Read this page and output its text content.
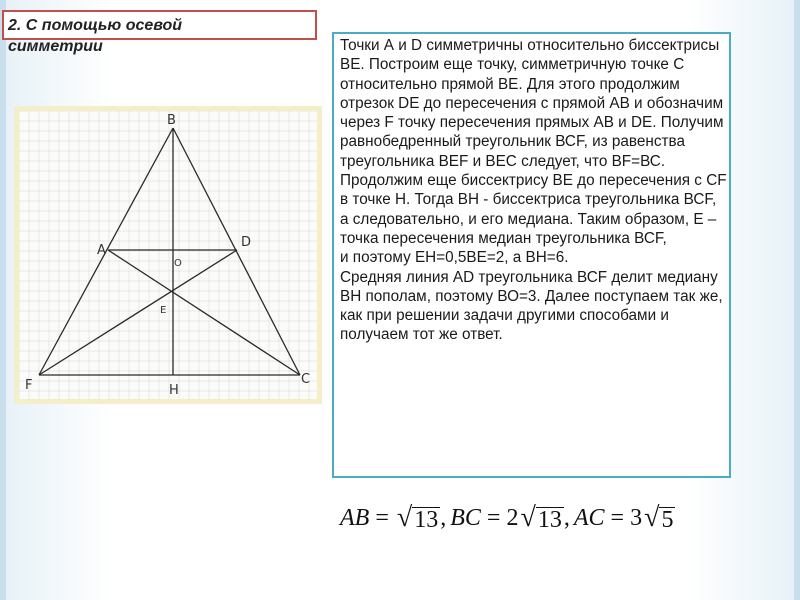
2. С помощью осевой
симметрии
B
A
D
O
E
F	H
C
Точки А и D симметричны относительно биссектрисы ВЕ. Построим еще точку, симметричную точке С относительно прямой ВЕ. Для этого продолжим отрезок DЕ до пересечения с прямой АВ и обозначим через F точку пересечения прямых АВ и DЕ. Получим равнобедренный треугольник ВСF, из равенства треугольника ВЕF и ВЕС следует, что ВF=ВС. Продолжим еще биссектрису ВЕ до пересечения с СF в точке Н. Тогда ВН - биссектриса треугольника ВСF, а следовательно, и его медиана. Таким образом, Е – точка пересечения медиан треугольника ВСF,
и поэтому ЕН=0,5ВЕ=2, а ВН=6.
Средняя линия AD треугольника ВСF делит медиану ВН пополам, поэтому ВО=3. Далее поступаем так же, как при решении задачи другими способами и получаем тот же ответ.
AB = √ 13 , BC = 2 √ 13 , AC = 3 √ 5
